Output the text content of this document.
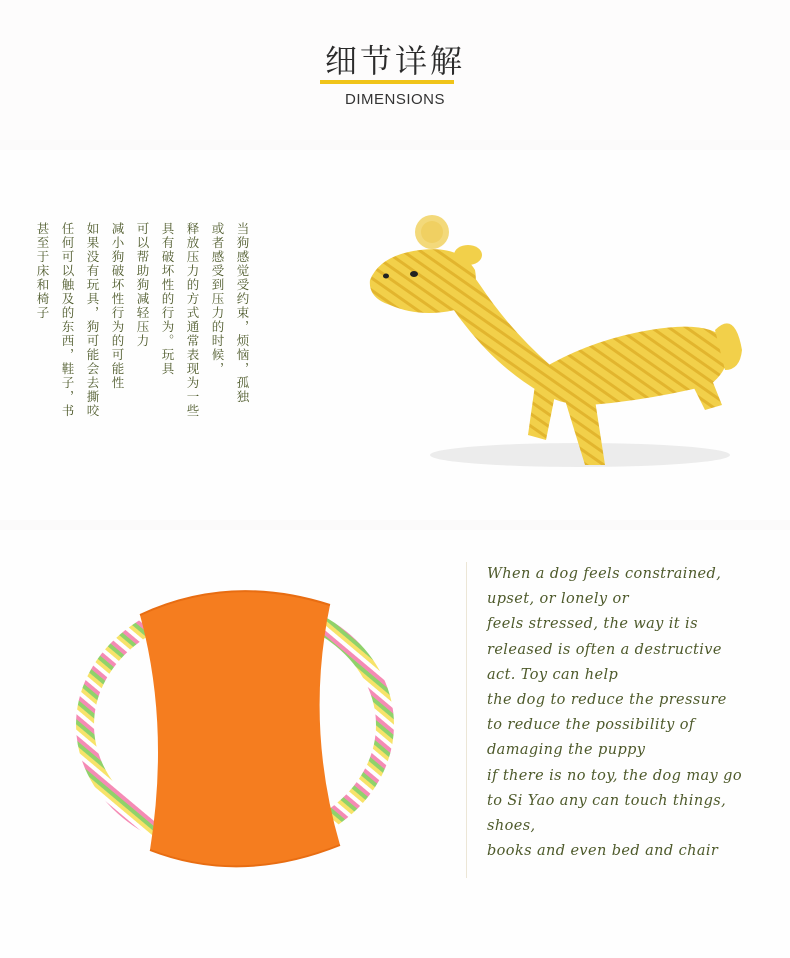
细节详解
DIMENSIONS
当狗感觉受约束，烦恼，孤独
或者感受到压力的时候，
释放压力的方式通常表现为一些
具有破坏性的行为。玩具
可以帮助狗减轻压力
减小狗破坏性行为的可能性
如果没有玩具，狗可能会去撕咬
任何可以触及的东西，鞋子，书
甚至于床和椅子
When a dog feels constrained,
upset, or lonely or
feels stressed, the way it is
released is often a destructive
act. Toy can help
the dog to reduce the pressure
to reduce the possibility of
damaging the puppy
if there is no toy, the dog may go
to Si Yao any can touch things,
shoes,
books and even bed and chair
